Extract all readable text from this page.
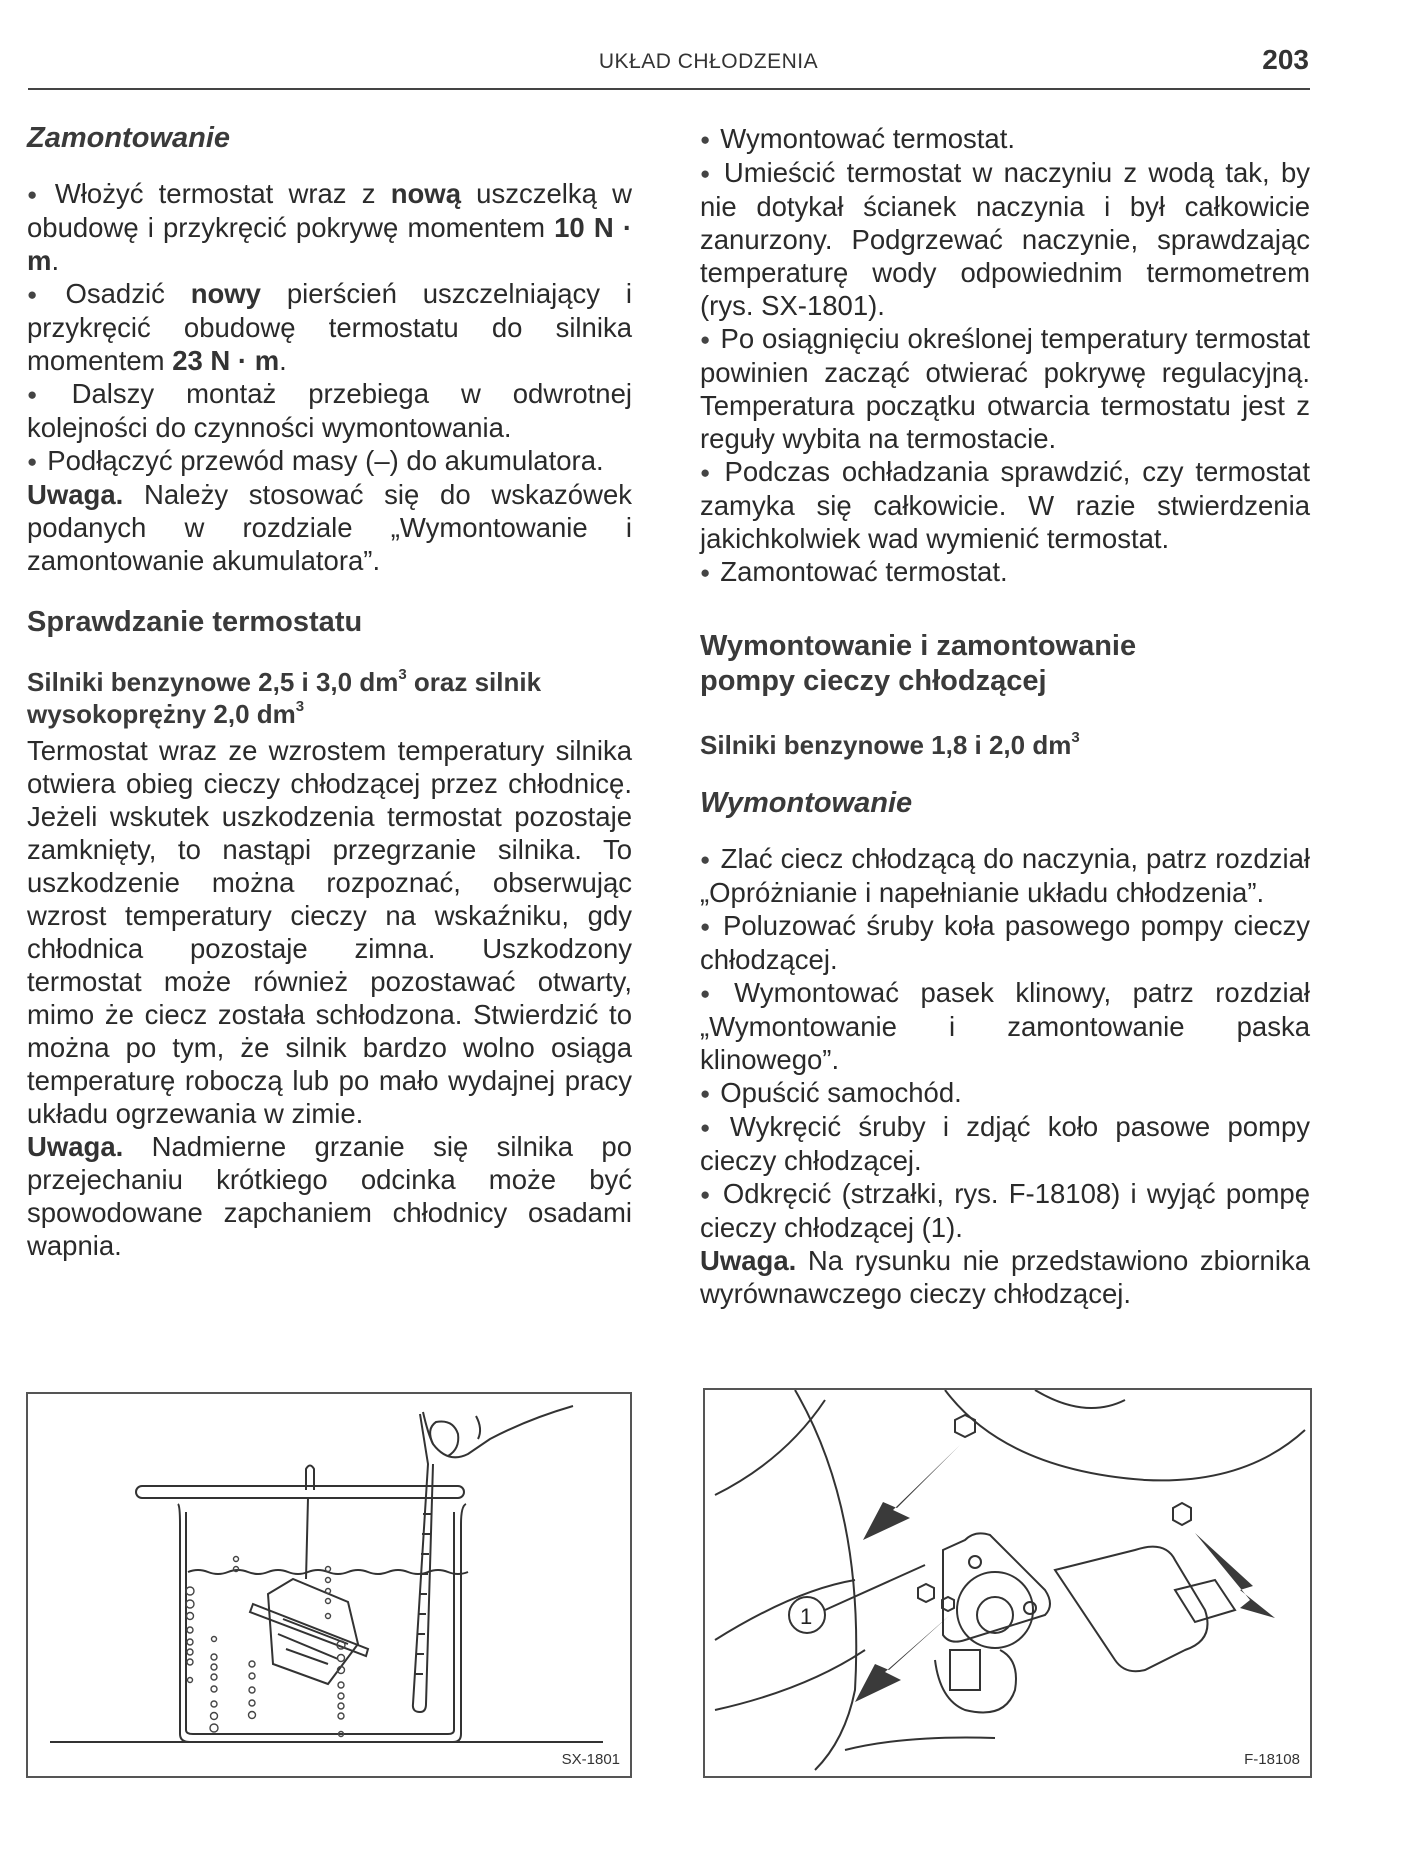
UKŁAD CHŁODZENIA	203
Zamontowanie

● Włożyć termostat wraz z nową uszczelką w obudowę i przykręcić pokrywę momentem 10 N · m.

● Osadzić nowy pierścień uszczelniający i przykręcić obudowę termostatu do silnika momentem 23 N · m.

● Dalszy montaż przebiega w odwrotnej kolejności do czynności wymontowania.

● Podłączyć przewód masy (–) do akumulatora.

Uwaga. Należy stosować się do wskazówek podanych w rozdziale „Wymontowanie i zamontowanie akumulatora”.

Sprawdzanie termostatu
Silniki benzynowe 2,5 i 3,0 $dm^3$ oraz silnik wysokoprężny 2,0 $dm^3$

Termostat wraz ze wzrostem temperatury silnika otwiera obieg cieczy chłodzącej przez chłodnicę. Jeżeli wskutek uszkodzenia termostat pozostaje zamknięty, to nastąpi przegrzanie silnika. To uszkodzenie można rozpoznać, obserwując wzrost temperatury cieczy na wskaźniku, gdy chłodnica pozostaje zimna. Uszkodzony termostat może również pozostawać otwarty, mimo że ciecz została schłodzona. Stwierdzić to można po tym, że silnik bardzo wolno osiąga temperaturę roboczą lub po mało wydajnej pracy układu ogrzewania w zimie.

Uwaga. Nadmierne grzanie się silnika po przejechaniu krótkiego odcinka może być spowodowane zapchaniem chłodnicy osadami wapnia.

● Wymontować termostat.

● Umieścić termostat w naczyniu z wodą tak, by nie dotykał ścianek naczynia i był całkowicie zanurzony. Podgrzewać naczynie, sprawdzając temperaturę wody odpowiednim termometrem (rys. SX-1801).

● Po osiągnięciu określonej temperatury termostat powinien zacząć otwierać pokrywę regulacyjną. Temperatura początku otwarcia termostatu jest z reguły wybita na termostacie.

● Podczas ochładzania sprawdzić, czy termostat zamyka się całkowicie. W razie stwierdzenia jakichkolwiek wad wymienić termostat.

● Zamontować termostat.

Wymontowanie i zamontowanie pompy cieczy chłodzącej
Silniki benzynowe 1,8 i 2,0 $dm^3$
Wymontowanie

● Zlać ciecz chłodzącą do naczynia, patrz rozdział „Opróżnianie i napełnianie układu chłodzenia”.

● Poluzować śruby koła pasowego pompy cieczy chłodzącej.

● Wymontować pasek klinowy, patrz rozdział „Wymontowanie i zamontowanie paska klinowego”.

● Opuścić samochód.

● Wykręcić śruby i zdjąć koło pasowe pompy cieczy chłodzącej.

● Odkręcić (strzałki, rys. F-18108) i wyjąć pompę cieczy chłodzącej (1).

Uwaga. Na rysunku nie przedstawiono zbiornika wyrównawczego cieczy chłodzącej.

SX-1801
1
F-18108
